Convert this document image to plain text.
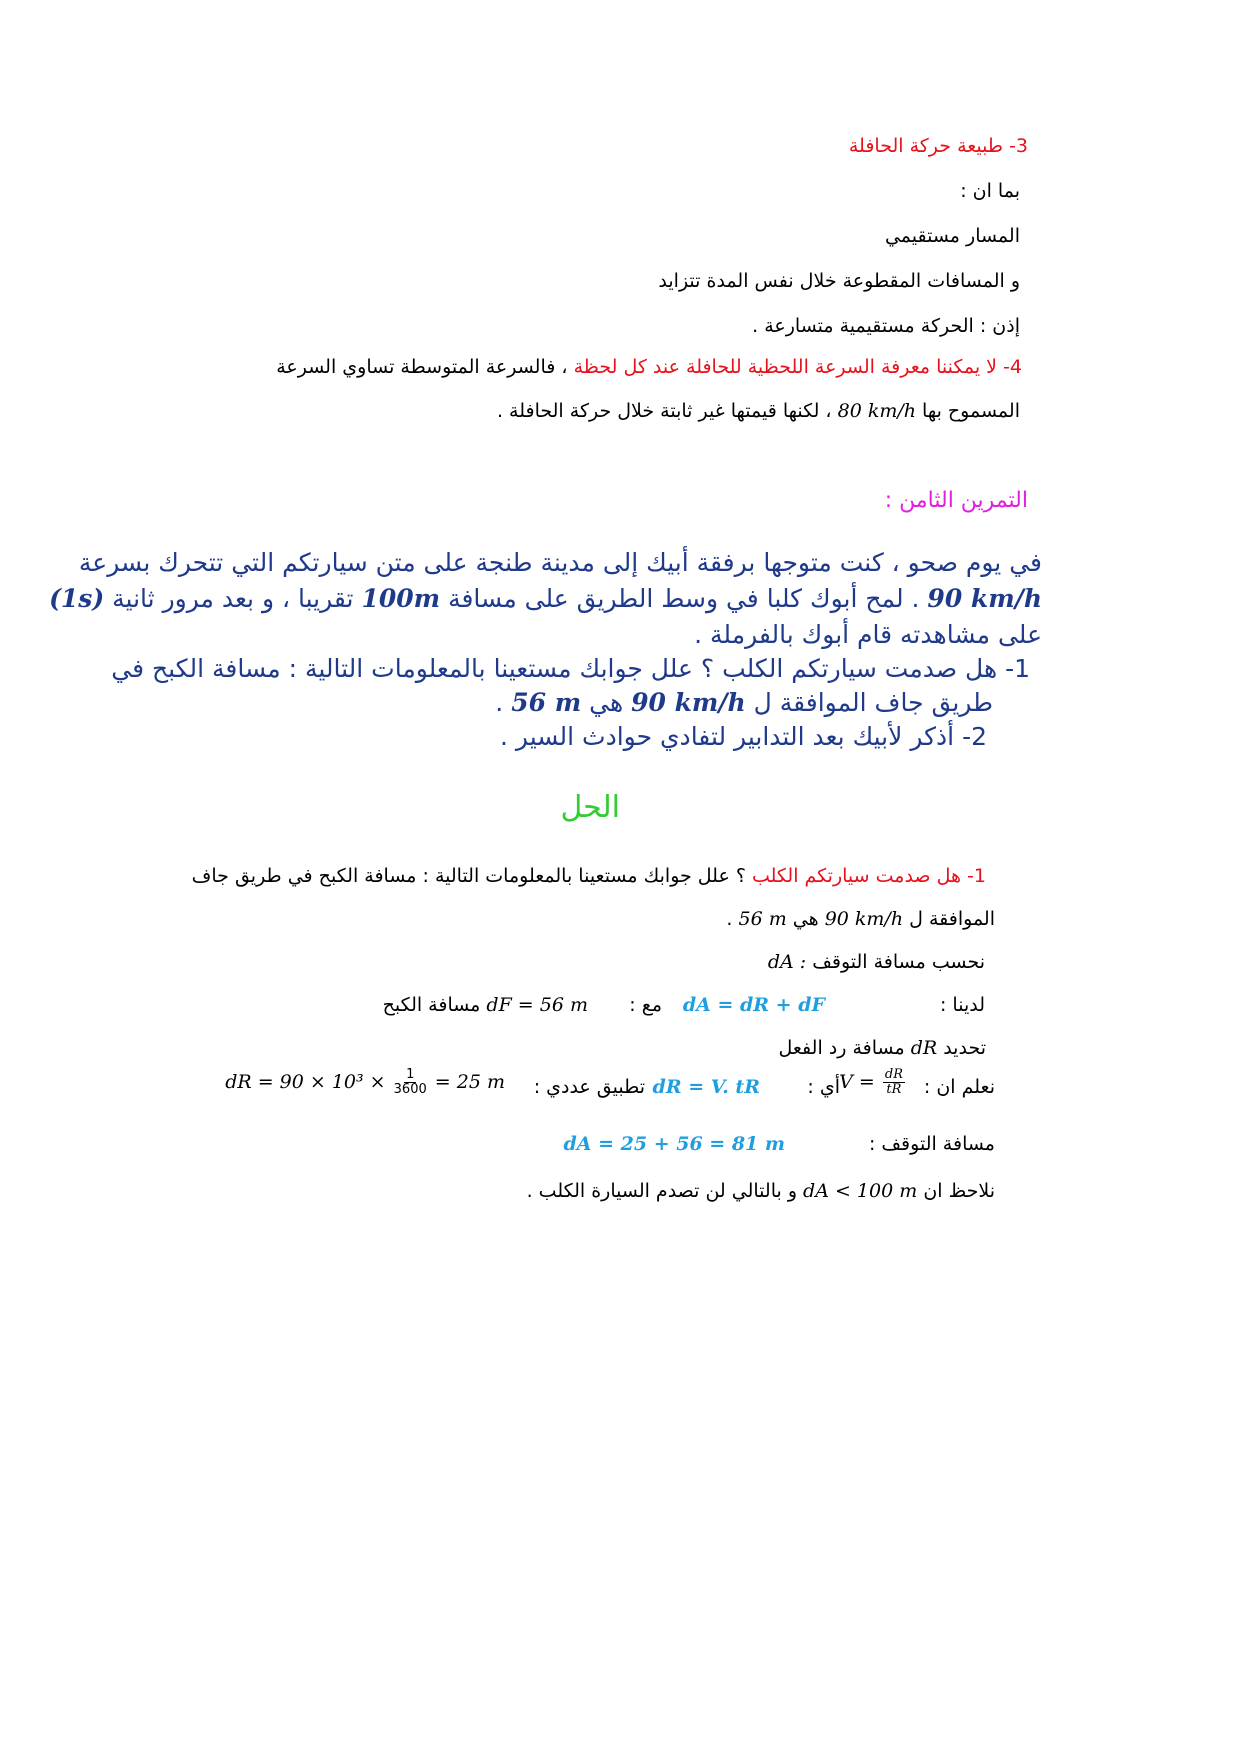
3- طبيعة حركة الحافلة
بما ان :
المسار مستقيمي
و المسافات المقطوعة خلال نفس المدة تتزايد
إذن : الحركة مستقيمية متسارعة .
4- لا يمكننا معرفة السرعة اللحظية للحافلة عند كل لحظة ، فالسرعة المتوسطة تساوي السرعة
المسموح بها 80 km/h ، لكنها قيمتها غير ثابتة خلال حركة الحافلة .
التمرين الثامن :
في يوم صحو ، كنت متوجها برفقة أبيك إلى مدينة طنجة على متن سيارتكم التي تتحرك بسرعة
90 km/h . لمح أبوك كلبا في وسط الطريق على مسافة 100m تقريبا ، و بعد مرور ثانية (1s)
على مشاهدته قام أبوك بالفرملة .
1- هل صدمت سيارتكم الكلب ؟ علل جوابك مستعينا بالمعلومات التالية : مسافة الكبح في
طريق جاف الموافقة ل 90 km/h هي 56 m .
2- أذكر لأبيك بعد التدابير لتفادي حوادث السير .
الحل
1- هل صدمت سيارتكم الكلب ؟ علل جوابك مستعينا بالمعلومات التالية : مسافة الكبح في طريق جاف
الموافقة ل 90 km/h هي 56 m .
نحسب مسافة التوقف dA :
لدينا :
dA = dR + dF
مع :
dF = 56 m مسافة الكبح
تحديد dR مسافة رد الفعل
نعلم ان :
$V = \frac{dR}{tR}$
أي :
dR = V. tR
تطبيق عددي :
dR = $90 \times 10^3 \times \frac{1}{3600} = 25$ m
مسافة التوقف :
dA = 25 + 56 = 81 m
نلاحظ ان dA < 100 m و بالتالي لن تصدم السيارة الكلب .
